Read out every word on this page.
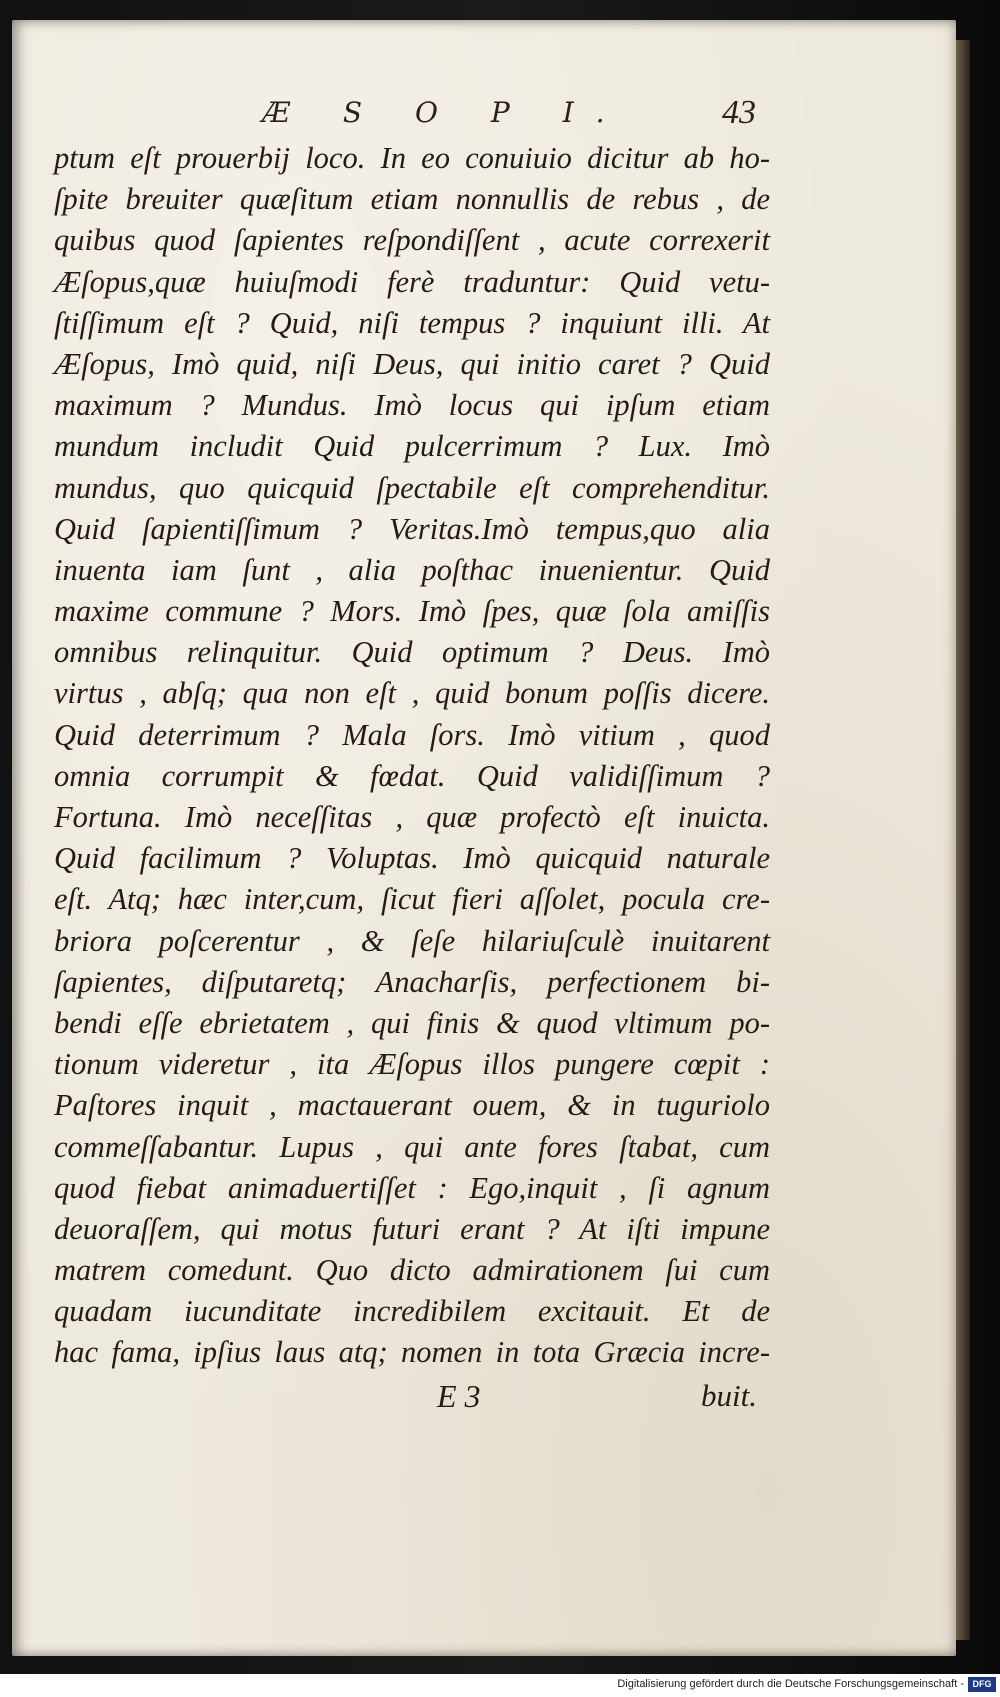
Æ S O P I.	43
ptum eſt prouerbij loco. In eo conuiuio dicitur ab ho-
ſpite breuiter quæſitum etiam nonnullis de rebus , de
quibus quod ſapientes reſpondiſſent , acute correxerit
Æſopus,quæ huiuſmodi ferè traduntur: Quid vetu-
ſtiſſimum eſt ? Quid, niſi tempus ? inquiunt illi. At
Æſopus, Imò quid, niſi Deus, qui initio caret ? Quid
maximum ? Mundus. Imò locus qui ipſum etiam
mundum includit Quid pulcerrimum ? Lux. Imò
mundus, quo quicquid ſpectabile eſt comprehenditur.
Quid ſapientiſſimum ? Veritas.Imò tempus,quo alia
inuenta iam ſunt , alia poſthac inuenientur. Quid
maxime commune ? Mors. Imò ſpes, quæ ſola amiſſis
omnibus relinquitur. Quid optimum ? Deus. Imò
virtus , abſq; qua non eſt , quid bonum poſſis dicere.
Quid deterrimum ? Mala ſors. Imò vitium , quod
omnia corrumpit & fœdat. Quid validiſſimum ?
Fortuna. Imò neceſſitas , quæ profectò eſt inuicta.
Quid facilimum ? Voluptas. Imò quicquid naturale
eſt. Atq; hæc inter,cum, ſicut fieri aſſolet, pocula cre-
briora poſcerentur , & ſeſe hilariuſculè inuitarent
ſapientes, diſputaretq; Anacharſis, perfectionem bi-
bendi eſſe ebrietatem , qui finis & quod vltimum po-
tionum videretur , ita Æſopus illos pungere cœpit :
Paſtores inquit , mactauerant ouem, & in tuguriolo
commeſſabantur. Lupus , qui ante fores ſtabat, cum
quod fiebat animaduertiſſet : Ego,inquit , ſi agnum
deuoraſſem, qui motus futuri erant ? At iſti impune
matrem comedunt. Quo dicto admirationem ſui cum
quadam iucunditate incredibilem excitauit. Et de
hac fama, ipſius laus atq; nomen in tota Græcia incre-
E 3	buit.
Digitalisierung gefördert durch die Deutsche Forschungsgemeinschaft - DFG
